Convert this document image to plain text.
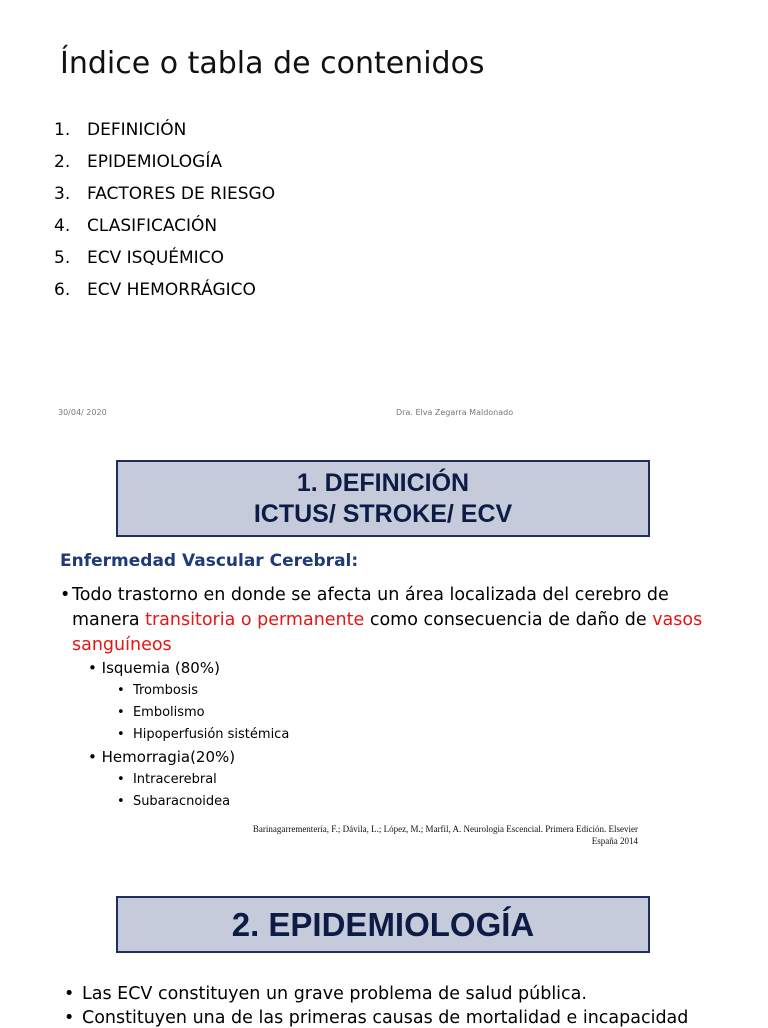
Índice o tabla de contenidos
1. DEFINICIÓN
2. EPIDEMIOLOGÍA
3. FACTORES DE RIESGO
4. CLASIFICACIÓN
5. ECV ISQUÉMICO
6. ECV HEMORRÁGICO
30/04/ 2020	Dra. Elva Zegarra Maldonado
1. DEFINICIÓN
ICTUS/ STROKE/ ECV
Enfermedad Vascular Cerebral:
• Todo trastorno en donde se afecta un área localizada del cerebro de manera transitoria o permanente como consecuencia de daño de vasos sanguíneos
• Isquemia (80%)
• Trombosis
• Embolismo
• Hipoperfusión sistémica
• Hemorragia(20%)
• Intracerebral
• Subaracnoidea
Barinagarrementería, F.; Dávila, L.; López, M.; Marfil, A. Neurologia Escencial. Primera Edición. Elsevier
España 2014
2. EPIDEMIOLOGÍA
• Las ECV constituyen un grave problema de salud pública.
• Constituyen una de las primeras causas de mortalidad e incapacidad
